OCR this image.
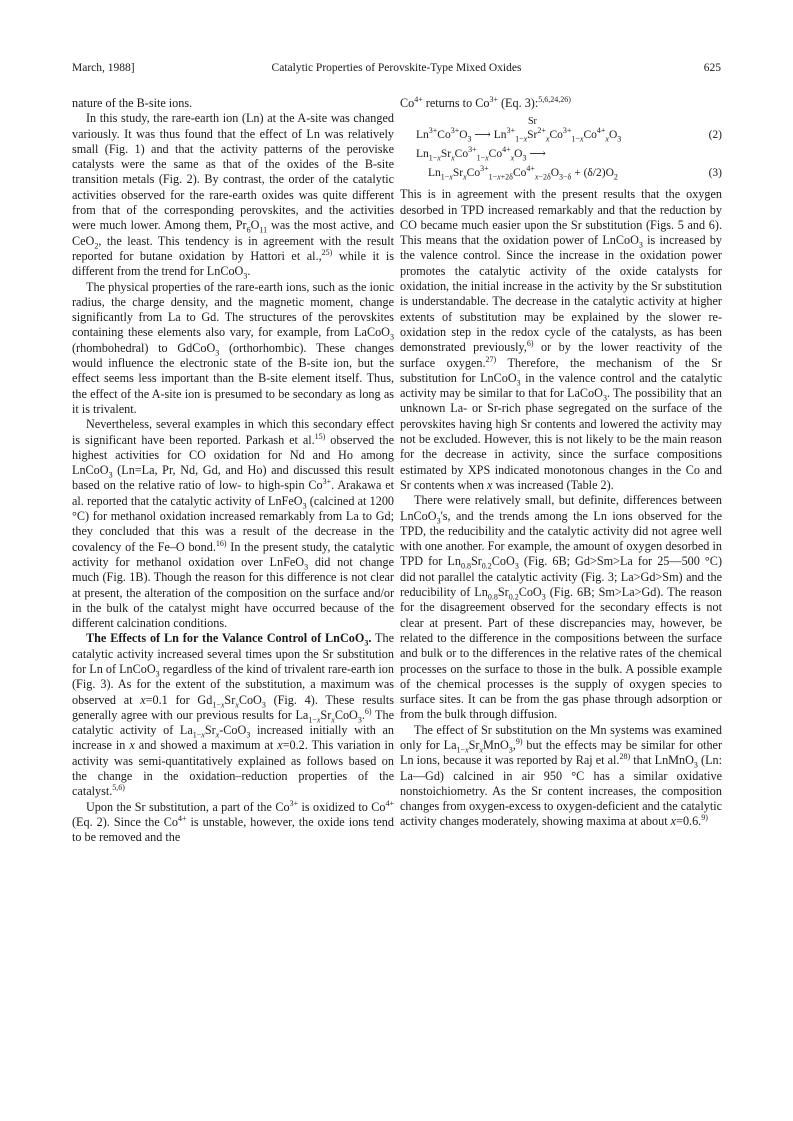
March, 1988]	Catalytic Properties of Perovskite-Type Mixed Oxides	625

nature of the B-site ions.

In this study, the rare-earth ion (Ln) at the A-site was changed variously. It was thus found that the effect of Ln was relatively small (Fig. 1) and that the activity patterns of the peroviske catalysts were the same as that of the oxides of the B-site transition metals (Fig. 2). By contrast, the order of the catalytic activities observed for the rare-earth oxides was quite different from that of the corresponding perovskites, and the activities were much lower. Among them, $Pr_6O_{11}$ was the most active, and CeO$_2$, the least. This tendency is in agreement with the result reported for butane oxidation by Hattori et al.,$^{25)}$ while it is different from the trend for LnCoO$_3$.

The physical properties of the rare-earth ions, such as the ionic radius, the charge density, and the magnetic moment, change significantly from La to Gd. The structures of the perovskites containing these elements also vary, for example, from LaCoO$_3$ (rhombohedral) to GdCoO$_3$ (orthorhombic). These changes would influence the electronic state of the B-site ion, but the effect seems less important than the B-site element itself. Thus, the effect of the A-site ion is presumed to be secondary as long as it is trivalent.

Nevertheless, several examples in which this secondary effect is significant have been reported. Parkash et al.$^{15)}$ observed the highest activities for CO oxidation for Nd and Ho among LnCoO$_3$ (Ln=La, Pr, Nd, Gd, and Ho) and discussed this result based on the relative ratio of low- to high-spin $Co^{3+}$. Arakawa et al. reported that the catalytic activity of LnFeO$_3$ (calcined at 1200 °C) for methanol oxidation increased remarkably from La to Gd; they concluded that this was a result of the decrease in the covalency of the Fe–O bond.$^{16)}$ In the present study, the catalytic activity for methanol oxidation over LnFeO$_3$ did not change much (Fig. 1B). Though the reason for this difference is not clear at present, the alteration of the composition on the surface and/or in the bulk of the catalyst might have occurred because of the different calcination conditions.

The Effects of Ln for the Valance Control of LnCoO$_3$. The catalytic activity increased several times upon the Sr substitution for Ln of LnCoO$_3$ regardless of the kind of trivalent rare-earth ion (Fig. 3). As for the extent of the substitution, a maximum was observed at x=0.1 for $Gd_{1-x}Sr_xCoO_3$ (Fig. 4). These results generally agree with our previous results for $La_{1-x}Sr_xCoO_3.^{6)}$ The catalytic activity of $La_{1-x}Sr_x-CoO_3$ increased initially with an increase in x and showed a maximum at x=0.2. This variation in activity was semi-quantitatively explained as follows based on the change in the oxidation–reduction properties of the catalyst.$^{5,6)}$

Upon the Sr substitution, a part of the $Co^{3+}$ is oxidized to $Co^{4+}$ (Eq. 2). Since the $Co^{4+}$ is unstable, however, the oxide ions tend to be removed and the

$Co^{4+}$ returns to $Co^{3+}$ (Eq. 3):$^{5,6,24,26)}$

Sr
$Ln^{3+}Co^{3+}O_3$ ⟶ $Ln^{3+}_{1-x}Sr^{2+}_xCo^{3+}_{1-x}Co^{4+}_xO_3$	(2)
$Ln_{1-x}Sr_xCo^{3+}_{1-x}Co^{4+}_xO_3$ ⟶
$Ln_{1-x}Sr_xCo^{3+}_{1-x+2\delta}Co^{4+}_{x-2\delta}O_{3-\delta} + (\delta/2)O_2$	(3)

This is in agreement with the present results that the oxygen desorbed in TPD increased remarkably and that the reduction by CO became much easier upon the Sr substitution (Figs. 5 and 6). This means that the oxidation power of LnCoO$_3$ is increased by the valence control. Since the increase in the oxidation power promotes the catalytic activity of the oxide catalysts for oxidation, the initial increase in the activity by the Sr substitution is understandable. The decrease in the catalytic activity at higher extents of substitution may be explained by the slower re-oxidation step in the redox cycle of the catalysts, as has been demonstrated previously,$^{6)}$ or by the lower reactivity of the surface oxygen.$^{27)}$ Therefore, the mechanism of the Sr substitution for LnCoO$_3$ in the valence control and the catalytic activity may be similar to that for LaCoO$_3$. The possibility that an unknown La- or Sr-rich phase segregated on the surface of the perovskites having high Sr contents and lowered the activity may not be excluded. However, this is not likely to be the main reason for the decrease in activity, since the surface compositions estimated by XPS indicated monotonous changes in the Co and Sr contents when x was increased (Table 2).

There were relatively small, but definite, differences between LnCoO$_3$'s, and the trends among the Ln ions observed for the TPD, the reducibility and the catalytic activity did not agree well with one another. For example, the amount of oxygen desorbed in TPD for $Ln_{0.8}Sr_{0.2}CoO_3$ (Fig. 6B; Gd>Sm>La for 25—500 °C) did not parallel the catalytic activity (Fig. 3; La>Gd>Sm) and the reducibility of $Ln_{0.8}Sr_{0.2}CoO_3$ (Fig. 6B; Sm>La>Gd). The reason for the disagreement observed for the secondary effects is not clear at present. Part of these discrepancies may, however, be related to the difference in the compositions between the surface and bulk or to the differences in the relative rates of the chemical processes on the surface to those in the bulk. A possible example of the chemical processes is the supply of oxygen species to surface sites. It can be from the gas phase through adsorption or from the bulk through diffusion.

The effect of Sr substitution on the Mn systems was examined only for $La_{1-x}Sr_xMnO_3,^{9)}$ but the effects may be similar for other Ln ions, because it was reported by Raj et al.$^{28)}$ that LnMnO$_3$ (Ln: La—Gd) calcined in air 950 °C has a similar oxidative nonstoichiometry. As the Sr content increases, the composition changes from oxygen-excess to oxygen-deficient and the catalytic activity changes moderately, showing maxima at about x=0.6.$^{9)}$
